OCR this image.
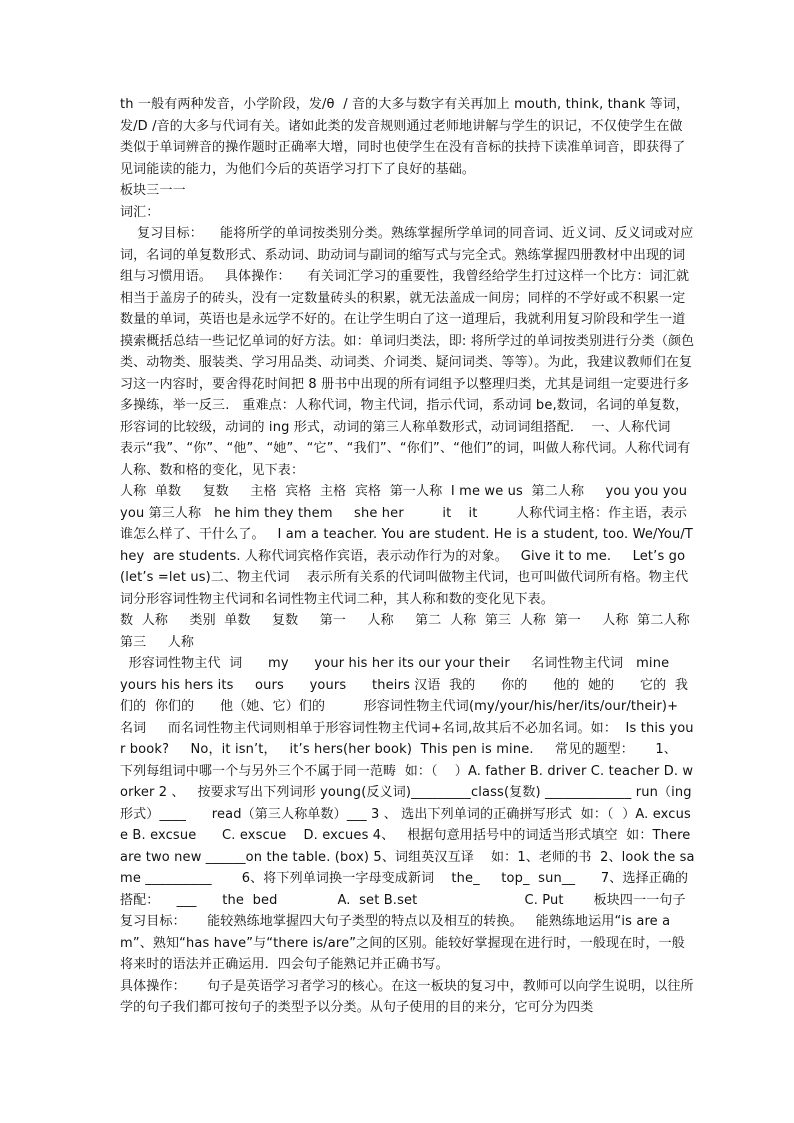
th 一般有两种发音，小学阶段，发/θ  / 音的大多与数字有关再加上 mouth, think, thank 等词，发/D /音的大多与代词有关。诸如此类的发音规则通过老师地讲解与学生的识记，不仅使学生在做类似于单词辨音的操作题时正确率大增，同时也使学生在没有音标的扶持下读准单词音，即获得了见词能读的能力，为他们今后的英语学习打下了良好的基础。

板块三一一

词汇：

复习目标：    能将所学的单词按类别分类。熟练掌握所学单词的同音词、近义词、反义词或对应词，名词的单复数形式、系动词、助动词与副词的缩写式与完全式。熟练掌握四册教材中出现的词组与习惯用语。   具体操作：    有关词汇学习的重要性，我曾经给学生打过这样一个比方：词汇就相当于盖房子的砖头，没有一定数量砖头的积累，就无法盖成一间房；同样的不学好或不积累一定数量的单词，英语也是永远学不好的。在让学生明白了这一道理后，我就利用复习阶段和学生一道摸索概括总结一些记忆单词的好方法。如：单词归类法，即: 将所学过的单词按类别进行分类（颜色类、动物类、服装类、学习用品类、动词类、介词类、疑问词类、等等）。为此，我建议教师们在复习这一内容时，要舍得花时间把 8 册书中出现的所有词组予以整理归类，尤其是词组一定要进行多多操练，举一反三.   重难点：人称代词，物主代词，指示代词，系动词 be,数词，名词的单复数，形容词的比较级，动词的 ing 形式，动词的第三人称单数形式，动词词组搭配．  一、人称代词    表示“我”、“你”、“他”、“她”、“它”、“我们”、“你们”、“他们”的词，叫做人称代词。人称代词有人称、数和格的变化，见下表：

人称  单数     复数     主格  宾格  主格  宾格  第一人称  I me we us  第二人称     you you you      you 第三人称   he him they them     she her         it    it         人称代词主格：作主语，表示谁怎么样了、干什么了。   I am a teacher. You are student. He is a student, too. We/You/They  are students. 人称代词宾格作宾语，表示动作行为的对象。   Give it to me.     Let’s go (let’s =let us)二、物主代词    表示所有关系的代词叫做物主代词，也可叫做代词所有格。物主代词分形容词性物主代词和名词性物主代词二种，其人称和数的变化见下表。

数  人称     类别  单数     复数     第一     人称     第二  人称  第三  人称  第一     人称  第二人称     第三     人称

形容词性物主代  词      my      your his her its our your their     名词性物主代词   mine      yours his hers its     ours      yours      theirs 汉语  我的      你的      他的  她的      它的  我们的  你们的      他（她、它）们的         形容词性物主代词(my/your/his/her/its/our/their)+ 名词     而名词性物主代词则相单于形容词性物主代词+名词,故其后不必加名词。如：  Is this your book?     No，it isn’t，   it’s hers(her book)  This pen is mine.     常见的题型：     1、   下列每组词中哪一个与另外三个不属于同一范畴  如：（    ）A. father B. driver C. teacher D. worker 2 、   按要求写出下列词形 young(反义词)_________class(复数) _____________ run（ing 形式）____      read（第三人称单数）___ 3 、 选出下列单词的正确拼写形式  如：（  ）A. excuse B. excsue      C. exscue    D. excues 4、   根据句意用括号中的词适当形式填空  如：There are two new ______on the table. (box) 5、词组英汉互译    如：1、老师的书  2、look the same __________       6、将下列单词换一字母变成新词    the_     top_  sun__      7、选择正确的搭配：    ___      the  bed              A.  set B.set                         C. Put       板块四一一句子    复习目标：     能较熟练地掌握四大句子类型的特点以及相互的转换。   能熟练地运用“is are am”、熟知“has have”与“there is/are”之间的区别。能较好掌握现在进行时，一般现在时，一般将来时的语法并正确运用．四会句子能熟记并正确书写。

具体操作：     句子是英语学习者学习的核心。在这一板块的复习中，教师可以向学生说明，以往所学的句子我们都可按句子的类型予以分类。从句子使用的目的来分，它可分为四类
